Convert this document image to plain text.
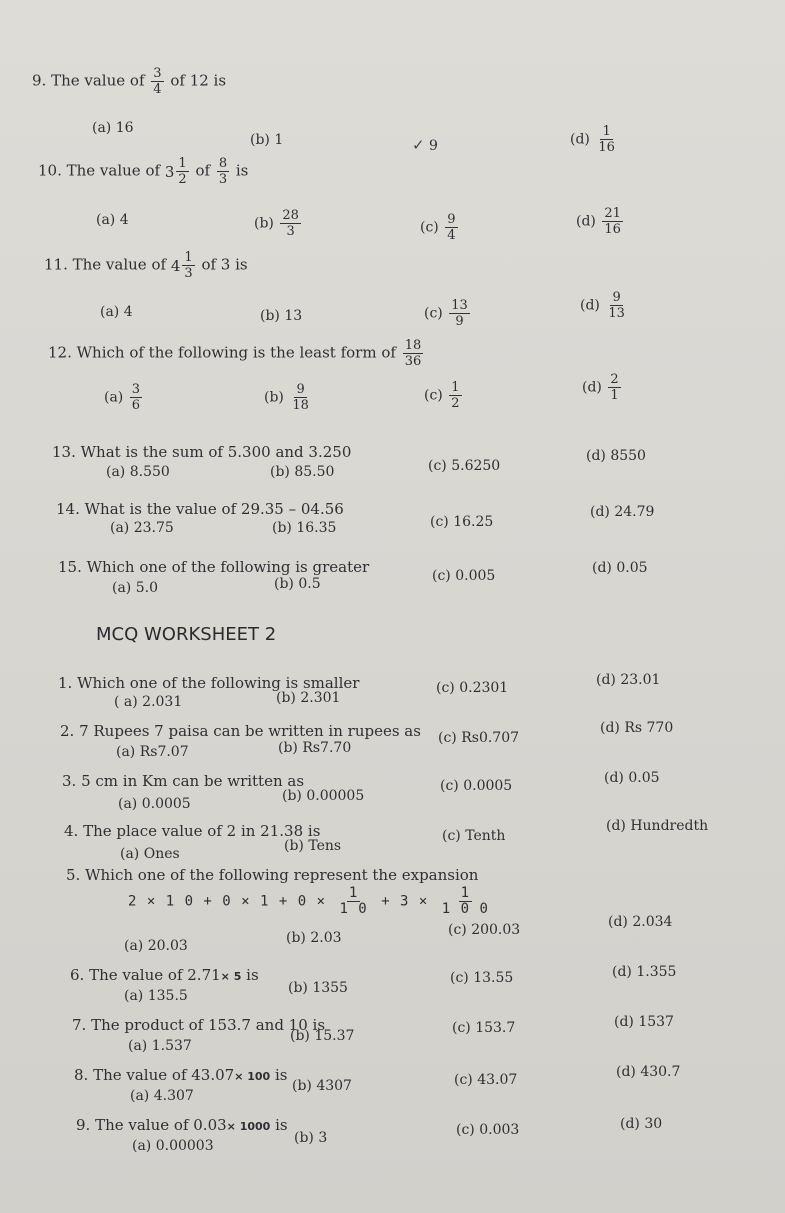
9. The value of $\frac{3}{4}$ of 12 is
(a) 16
(b) 1	✓ 9	$(d) \frac{1}{16}$
10. The value of $3 \frac{1}{2}$ of $\frac{8}{3}$ is
(a) 4	$(b) \frac{28}{3}$	$(c) \frac{9}{4}$	$(d) \frac{21}{16}$
11. The value of $4 \frac{1}{3}$ of 3 is
(a) 4	(b) 13	$(c) \frac{13}{9}$	$(d) \frac{9}{13}$
12. Which of the following is the least form of $\frac{18}{36}$
$(a) \frac{3}{6}$	$(b) \frac{9}{18}$	$(c) \frac{1}{2}$	$(d) \frac{2}{1}$
13. What is the sum of 5.300 and 3.250
(a) 8.550	(b) 85.50	(c) 5.6250
(d) 8550
14. What is the value of 29.35 – 04.56
(a) 23.75	(b) 16.35	(c) 16.25
(d) 24.79
15. Which one of the following is greater
(a) 5.0	(b) 0.5	(c) 0.005	(d) 0.05
MCQ WORKSHEET 2
1. Which one of the following is smaller
( a) 2.031	(b) 2.301
(c) 0.2301	(d) 23.01
2. 7 Rupees 7 paisa can be written in rupees as
(a) Rs7.07	(b) Rs7.70
(c) Rs0.707
(d) Rs 770
3. 5 cm in Km can be written as
(a) 0.0005	(b) 0.00005
(c) 0.0005	(d) 0.05
4. The place value of 2 in 21.38 is
(a) Ones	(b) Tens
(c) Tenth
(d) Hundredth
5. Which one of the following represent the expansion
2 × 1 $0 + 0 \times 1 + 0 \times \frac{1}{1 0} + 3 \times \frac{1}{1 0 0}$
(a) 20.03	(b) 2.03	(c) 200.03	(d) 2.034
6. The value of 2.71× 5 is
(a) 135.5	(b) 1355
(c) 13.55	(d) 1.355
7. The product of 153.7 and 10 is
(a) 1.537
(b) 15.37	(c) 153.7	(d) 1537
8. The value of 43.07× 100 is
(a) 4.307
(b) 4307	(c) 43.07	(d) 430.7
9. The value of 0.03× 1000 is
(a) 0.00003	(b) 3	(c) 0.003	(d) 30
